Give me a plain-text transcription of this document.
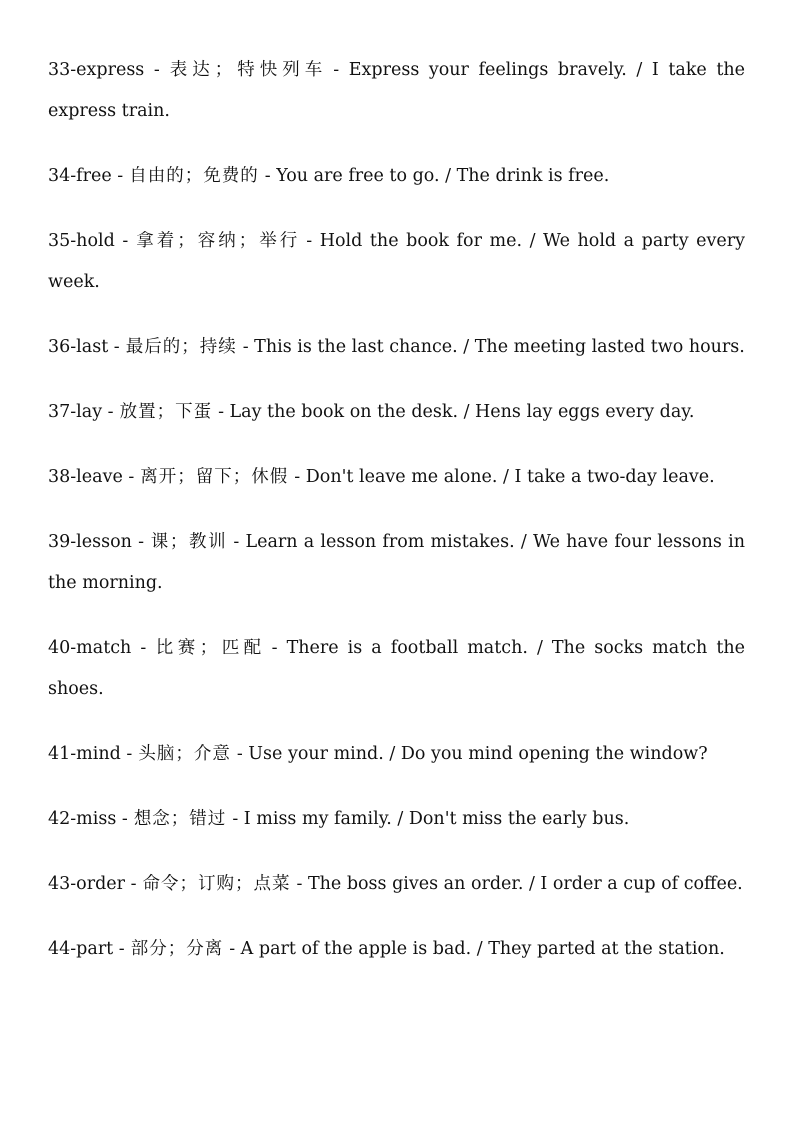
33-express - 表达；特快列车 - Express your feelings bravely. / I take the express train.

34-free - 自由的；免费的 - You are free to go. / The drink is free.

35-hold - 拿着；容纳；举行 - Hold the book for me. / We hold a party every week.

36-last - 最后的；持续 - This is the last chance. / The meeting lasted two hours.

37-lay - 放置；下蛋 - Lay the book on the desk. / Hens lay eggs every day.

38-leave - 离开；留下；休假 - Don't leave me alone. / I take a two-day leave.

39-lesson - 课；教训 - Learn a lesson from mistakes. / We have four lessons in the morning.

40-match - 比赛；匹配 - There is a football match. / The socks match the shoes.

41-mind - 头脑；介意 - Use your mind. / Do you mind opening the window?

42-miss - 想念；错过 - I miss my family. / Don't miss the early bus.

43-order - 命令；订购；点菜 - The boss gives an order. / I order a cup of coffee.

44-part - 部分；分离 - A part of the apple is bad. / They parted at the station.
